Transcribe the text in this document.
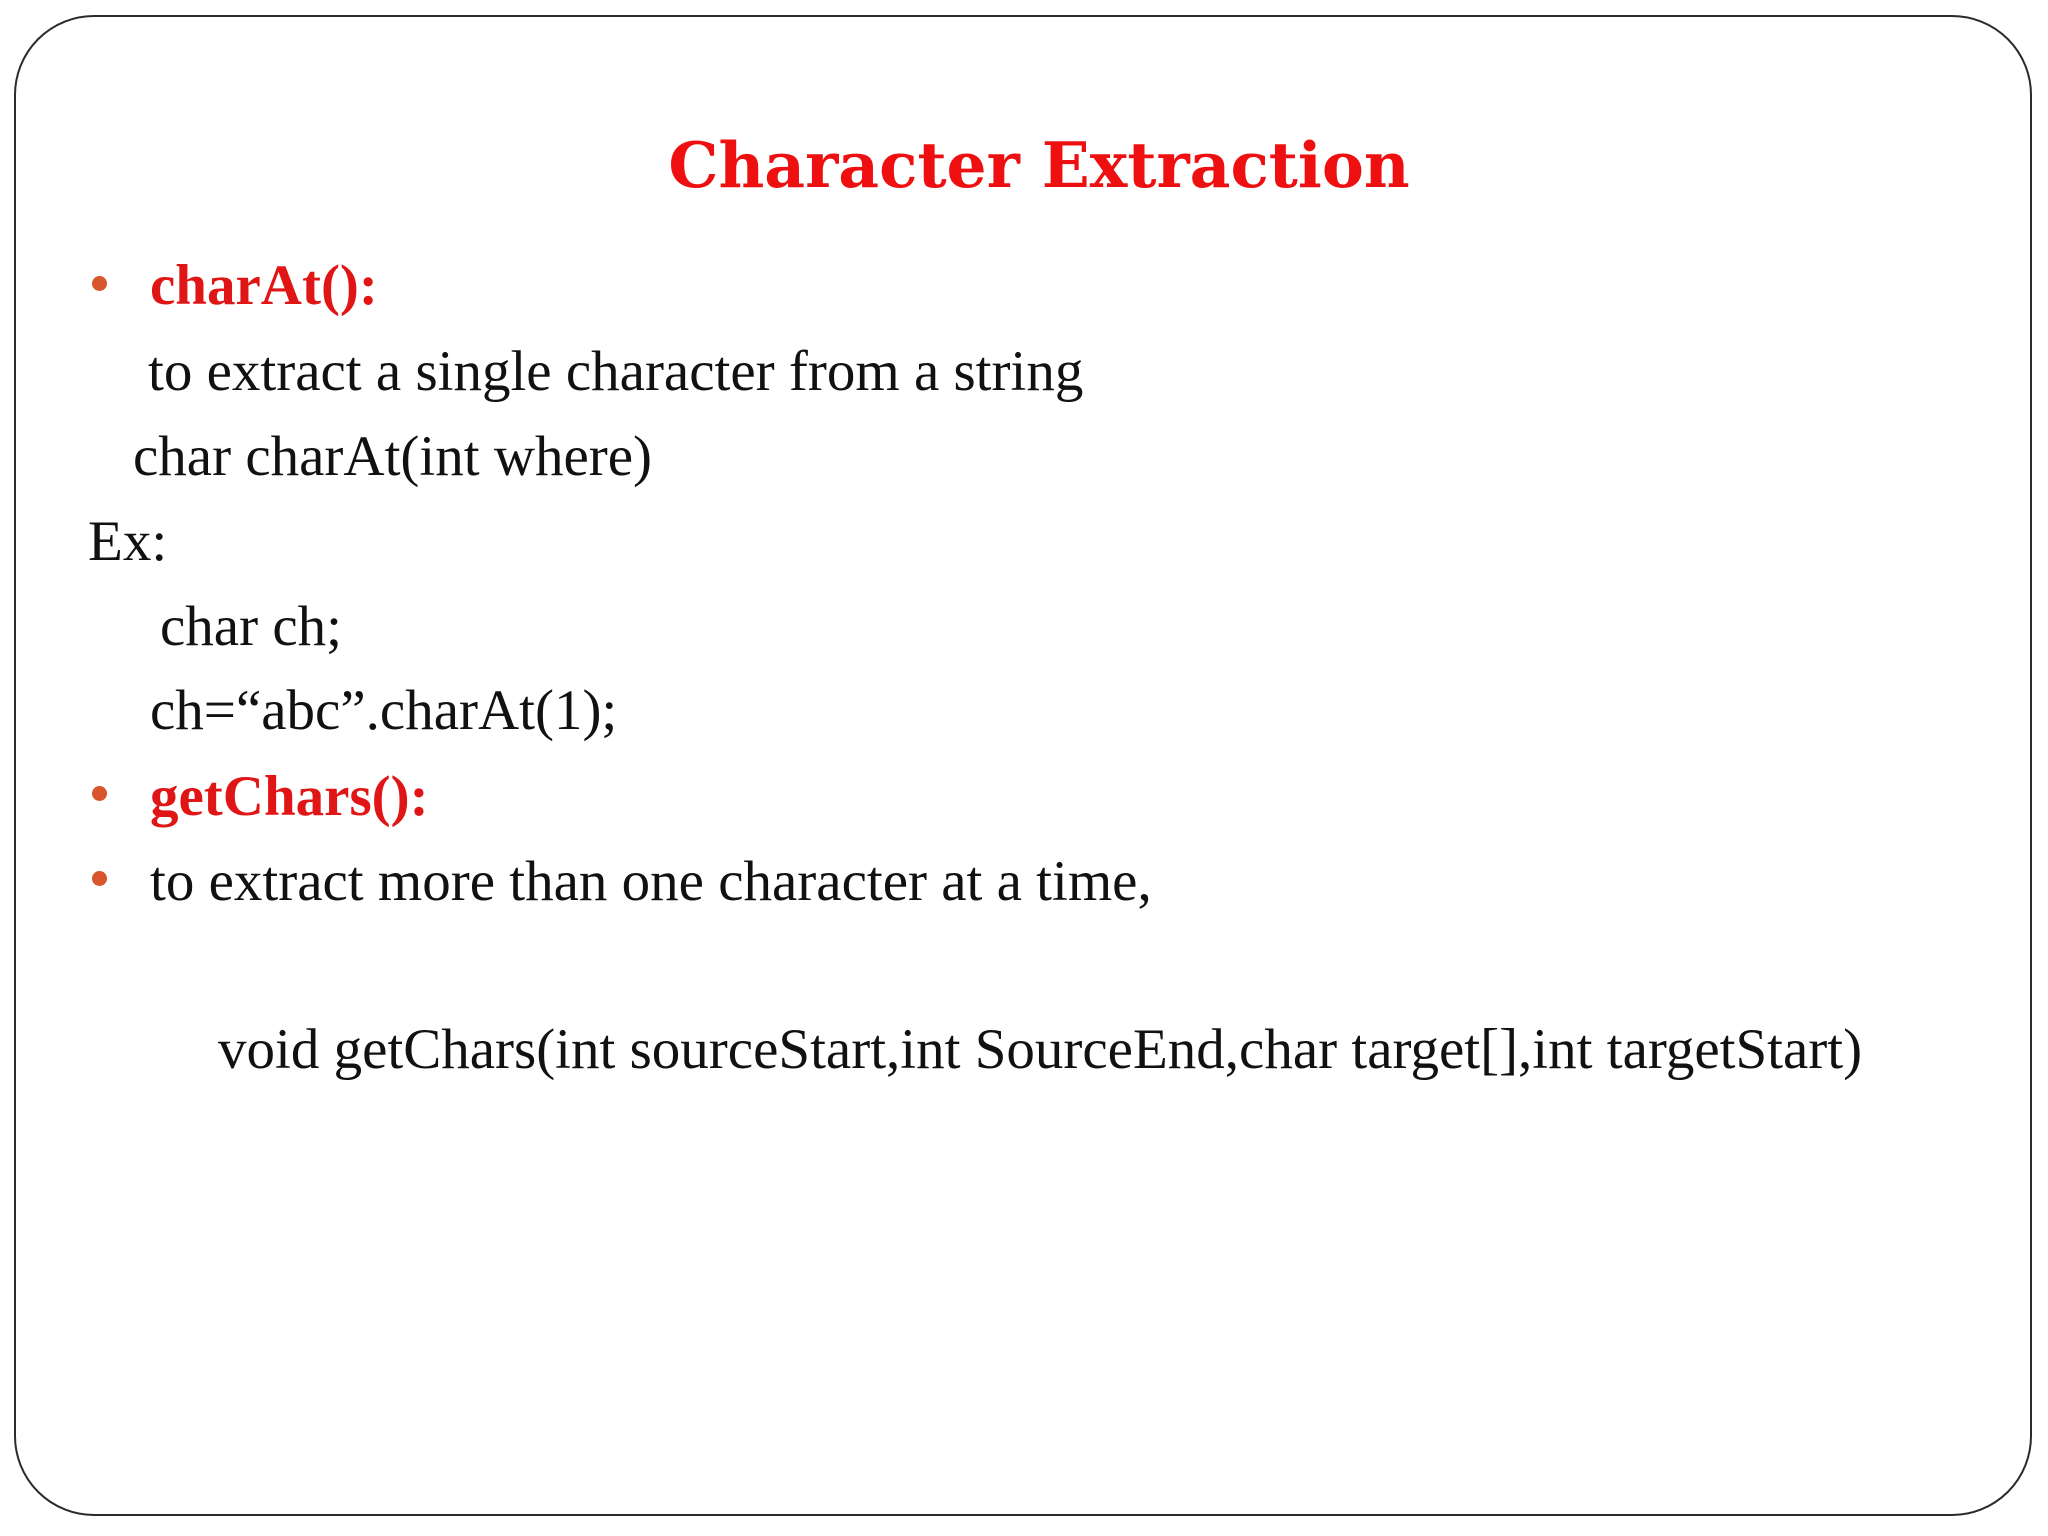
Character Extraction
charAt():
to extract a single character from a string
char charAt(int where)
Ex:
char ch;
ch=“abc”.charAt(1);
getChars():
to extract more than one character at a time,
void getChars(int sourceStart,int SourceEnd,char target[],int targetStart)
